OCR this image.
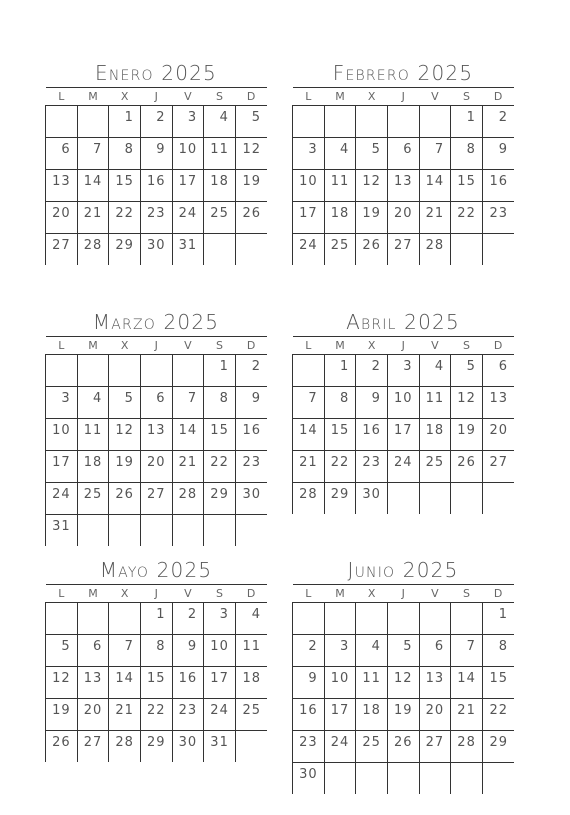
Enero 2025
L	M	X	J	V	S	D
		1	2	3	4	5
6	7	8	9	10	11	12
13	14	15	16	17	18	19
20	21	22	23	24	25	26
27	28	29	30	31		
Febrero 2025
L	M	X	J	V	S	D
					1	2
3	4	5	6	7	8	9
10	11	12	13	14	15	16
17	18	19	20	21	22	23
24	25	26	27	28		
Marzo 2025
L	M	X	J	V	S	D
					1	2
3	4	5	6	7	8	9
10	11	12	13	14	15	16
17	18	19	20	21	22	23
24	25	26	27	28	29	30
31						
Abril 2025
L	M	X	J	V	S	D
	1	2	3	4	5	6
7	8	9	10	11	12	13
14	15	16	17	18	19	20
21	22	23	24	25	26	27
28	29	30				
Mayo 2025
L	M	X	J	V	S	D
			1	2	3	4
5	6	7	8	9	10	11
12	13	14	15	16	17	18
19	20	21	22	23	24	25
26	27	28	29	30	31	
Junio 2025
L	M	X	J	V	S	D
						1
2	3	4	5	6	7	8
9	10	11	12	13	14	15
16	17	18	19	20	21	22
23	24	25	26	27	28	29
30						
